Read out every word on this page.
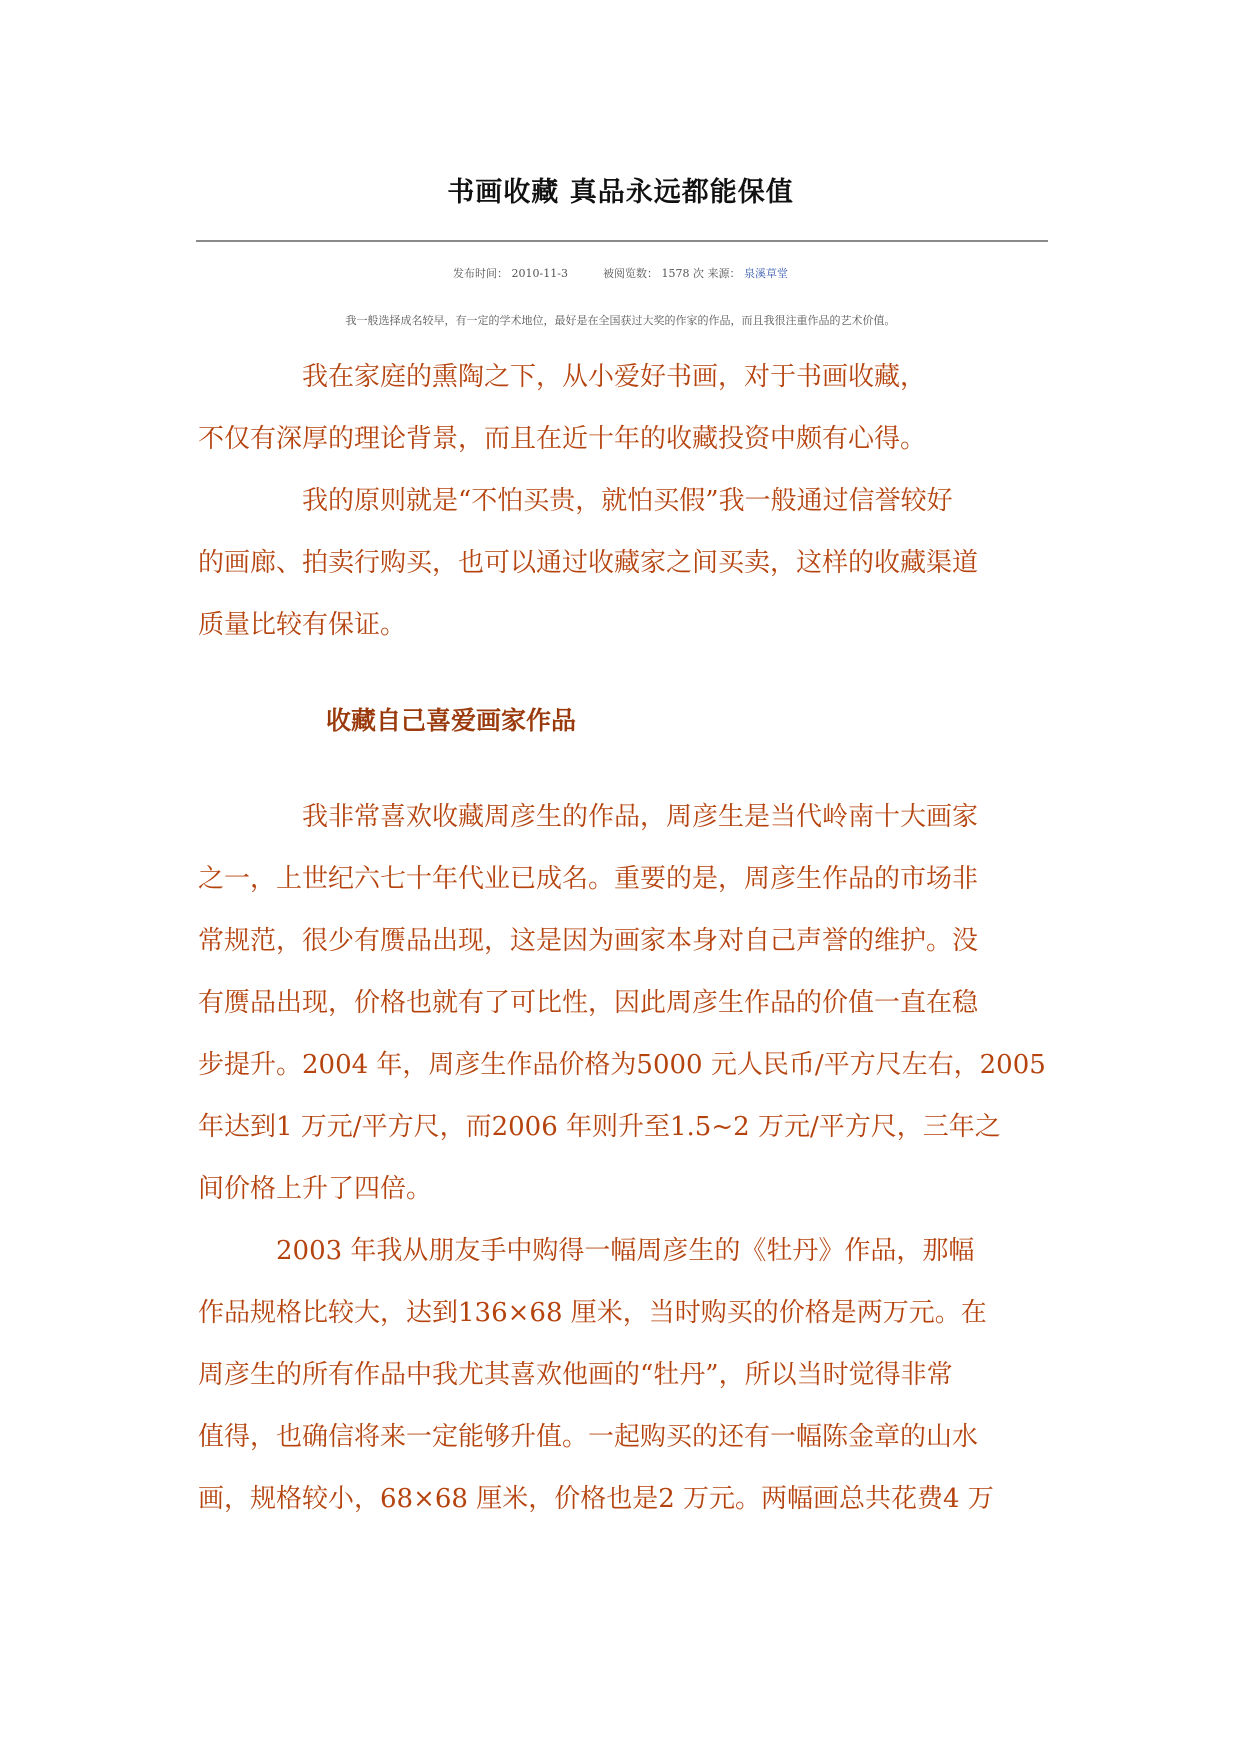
书画收藏 真品永远都能保值
发布时间： 2010-11-3	被阅览数： 1578 次 来源： 泉溪草堂
我一般选择成名较早，有一定的学术地位，最好是在全国获过大奖的作家的作品，而且我很注重作品的艺术价值。

　　　　我在家庭的熏陶之下，从小爱好书画，对于书画收藏，

不仅有深厚的理论背景，而且在近十年的收藏投资中颇有心得。

　　　　我的原则就是“不怕买贵，就怕买假”我一般通过信誉较好

的画廊、拍卖行购买，也可以通过收藏家之间买卖，这样的收藏渠道

质量比较有保证。

收藏自己喜爱画家作品

　　　　我非常喜欢收藏周彦生的作品，周彦生是当代岭南十大画家

之一，上世纪六七十年代业已成名。重要的是，周彦生作品的市场非

常规范，很少有赝品出现，这是因为画家本身对自己声誉的维护。没

有赝品出现，价格也就有了可比性，因此周彦生作品的价值一直在稳

步提升。2004 年，周彦生作品价格为5000 元人民币/平方尺左右，2005

年达到1 万元/平方尺，而2006 年则升至1.5~2 万元/平方尺，三年之

间价格上升了四倍。

　　　2003 年我从朋友手中购得一幅周彦生的《牡丹》作品，那幅

作品规格比较大，达到136×68 厘米，当时购买的价格是两万元。在

周彦生的所有作品中我尤其喜欢他画的“牡丹”，所以当时觉得非常

值得，也确信将来一定能够升值。一起购买的还有一幅陈金章的山水

画，规格较小，68×68 厘米，价格也是2 万元。两幅画总共花费4 万
